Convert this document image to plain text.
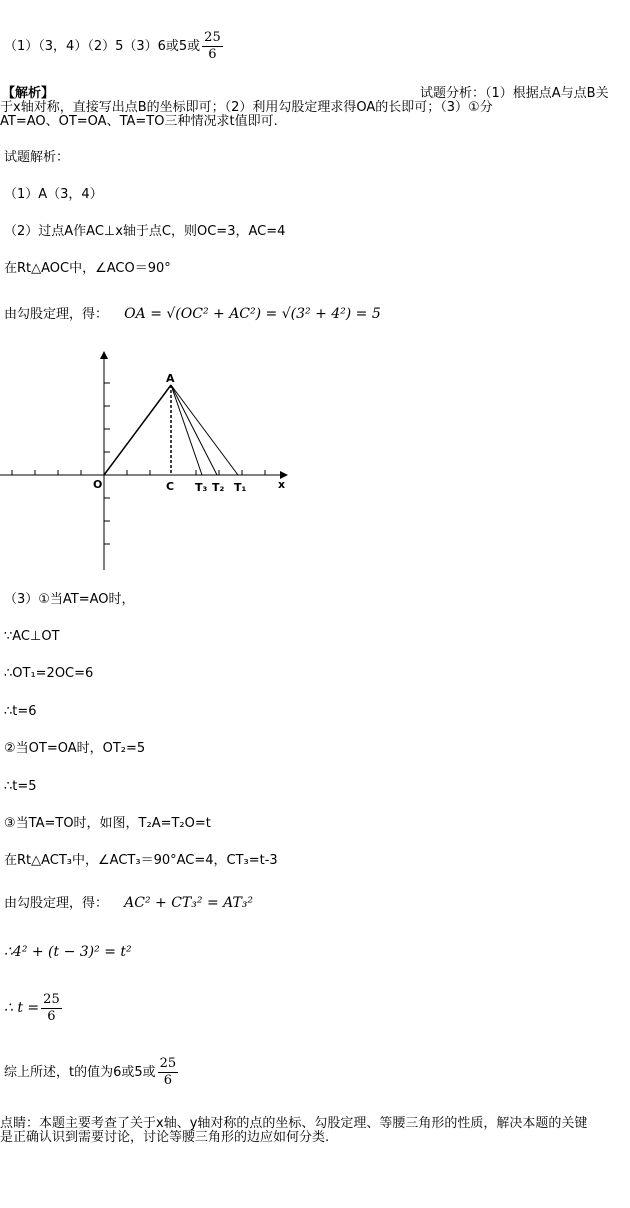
（1）（3，4）（2）5（3）6或5或 $\frac{25}{6}$
【解析】	试题分析：（1）根据点A与点B关
于x轴对称，直接写出点B的坐标即可；（2）利用勾股定理求得OA的长即可；（3）①分
AT=AO、OT=OA、TA=TO三种情况求t值即可.
试题解析：
（1）A（3，4）
（2）过点A作AC⊥x轴于点C，则OC=3，AC=4
在Rt△AOC中，∠ACO＝90°
由勾股定理，得： OA = √(OC² + AC²) = √(3² + 4²) = 5
A
O	C T₃ T₂ T₁	x
（3）①当AT=AO时，
∵AC⊥OT
∴OT₁=2OC=6
∴t=6
②当OT=OA时，OT₂=5
∴t=5
③当TA=TO时，如图，T₂A=T₂O=t
在Rt△ACT₃中，∠ACT₃＝90°AC=4，CT₃=t-3
由勾股定理，得： AC² + CT₃² = AT₃²
∴4² + (t − 3)² = t²
∴ $t = \frac{25}{6}$
综上所述，t的值为6或5或 $\frac{25}{6}$
点睛：本题主要考查了关于x轴、y轴对称的点的坐标、勾股定理、等腰三角形的性质，解决本题的关键
是正确认识到需要讨论，讨论等腰三角形的边应如何分类.
